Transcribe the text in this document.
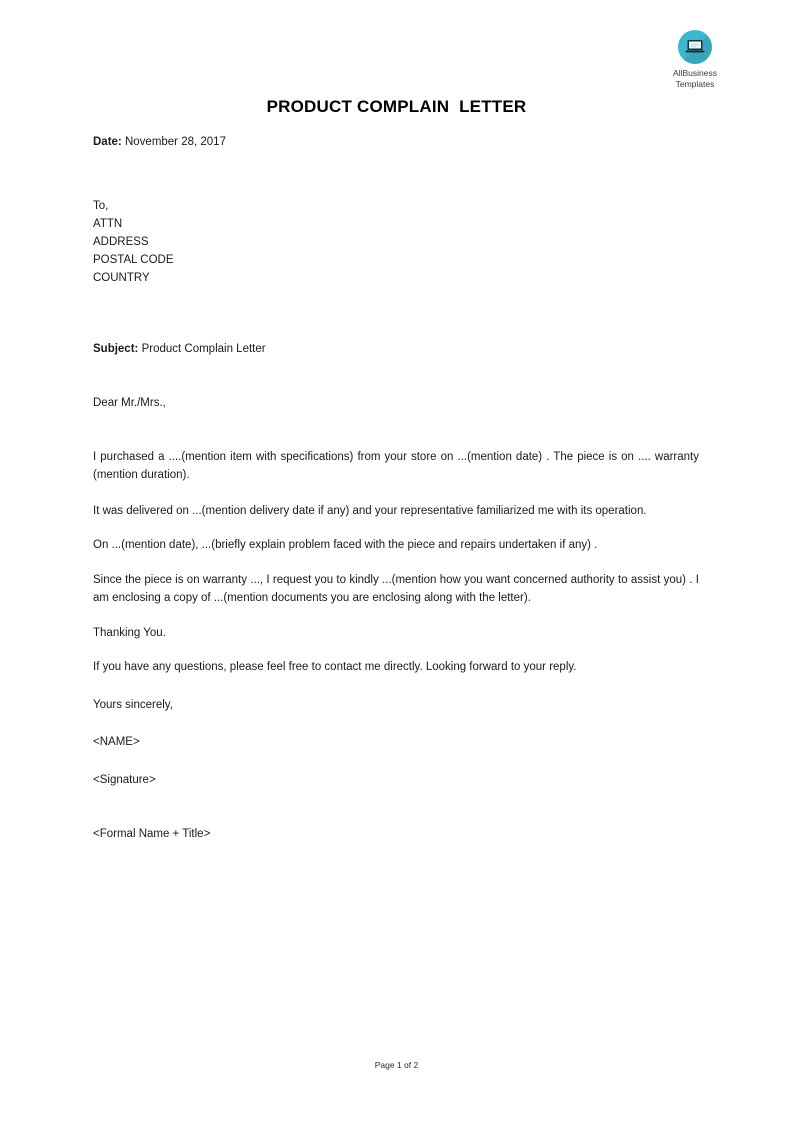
AllBusiness
Templates
PRODUCT COMPLAIN  LETTER

Date: November 28, 2017

To,
ATTN
ADDRESS
POSTAL CODE
COUNTRY

Subject: Product Complain Letter

Dear Mr./Mrs.,

I purchased a ....(mention item with specifications) from your store on ...(mention date) . The piece is on .... warranty (mention duration).

It was delivered on ...(mention delivery date if any) and your representative familiarized me with its operation.

On ...(mention date), ...(briefly explain problem faced with the piece and repairs undertaken if any) .

Since the piece is on warranty ..., I request you to kindly ...(mention how you want concerned authority to assist you) . I am enclosing a copy of ...(mention documents you are enclosing along with the letter).

Thanking You.

If you have any questions, please feel free to contact me directly. Looking forward to your reply.

Yours sincerely,

<NAME>

<Signature>

<Formal Name + Title>

Page 1 of 2
